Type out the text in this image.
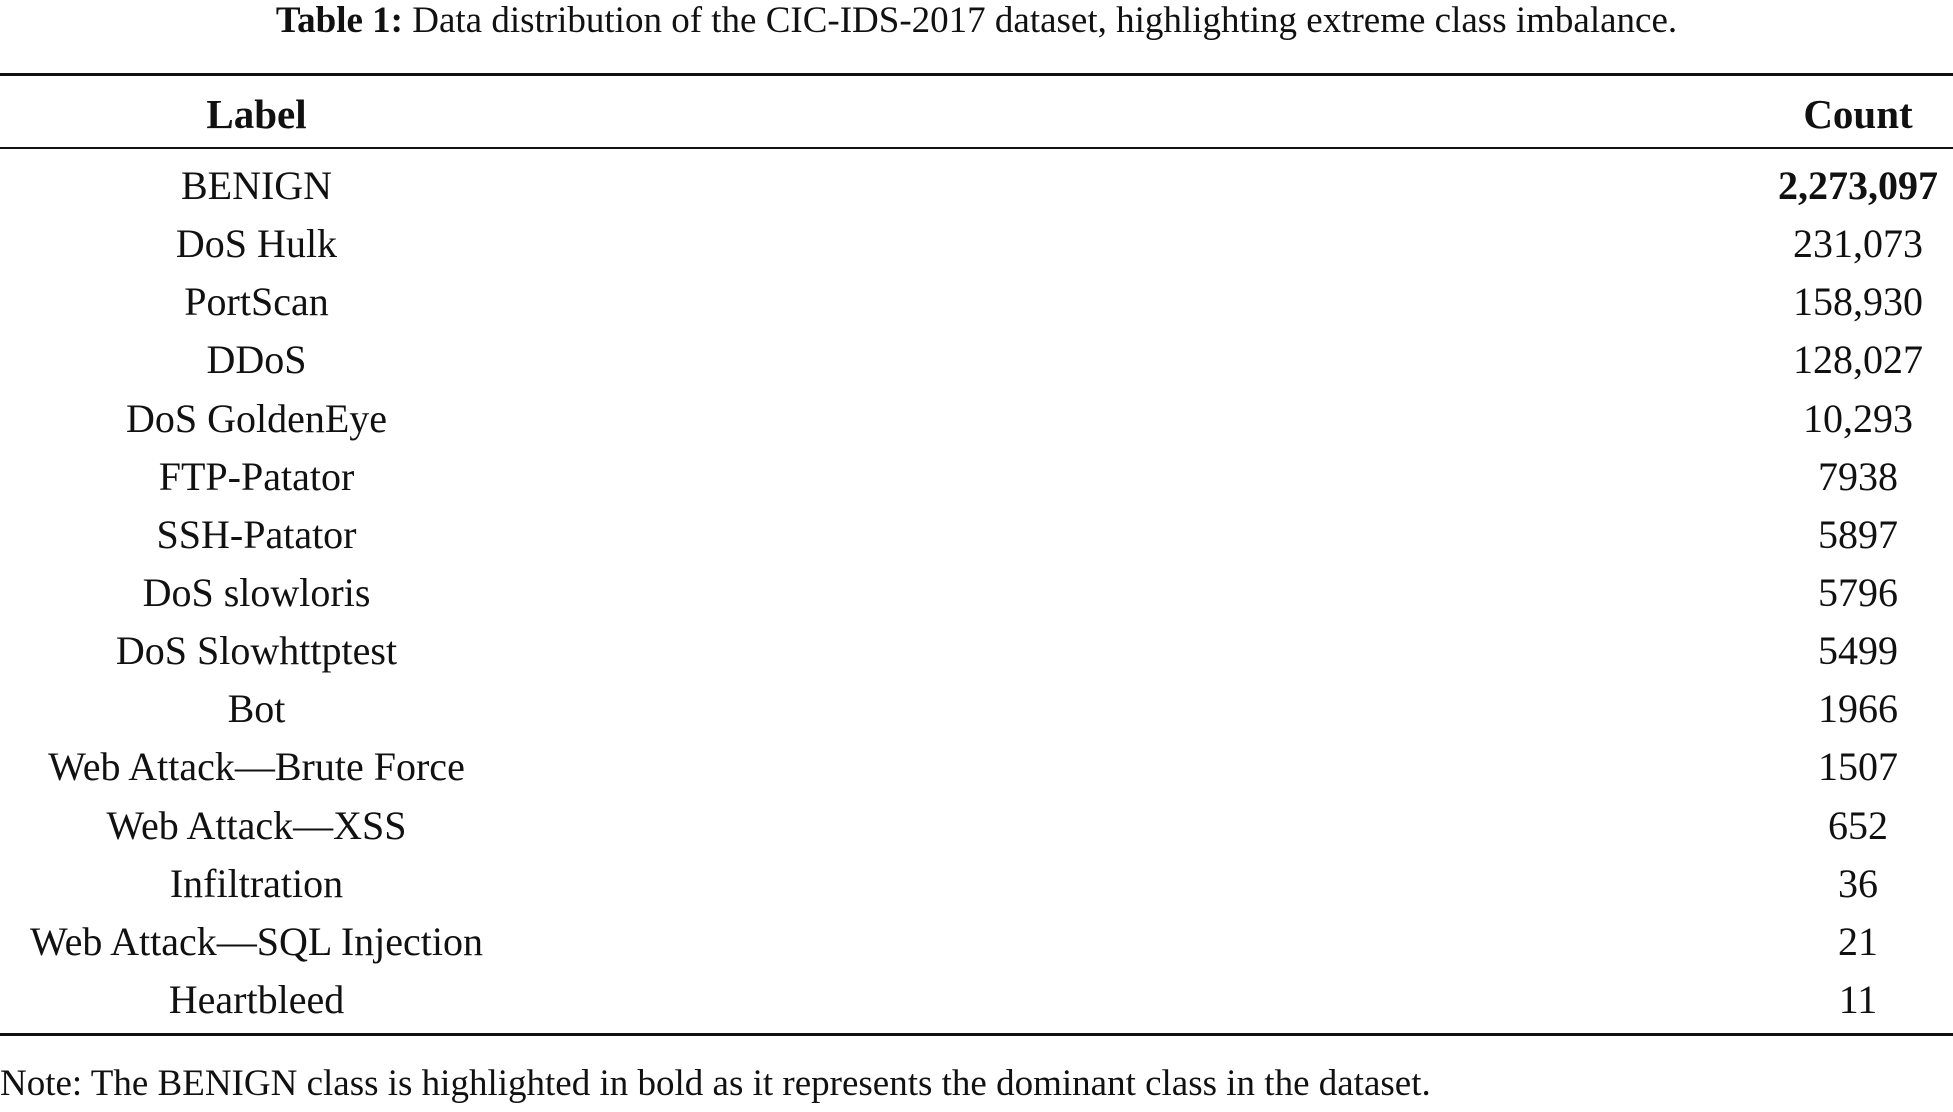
Table 1: Data distribution of the CIC-IDS-2017 dataset, highlighting extreme class imbalance.
Label	Count
BENIGN	2,273,097
DoS Hulk	231,073
PortScan	158,930
DDoS	128,027
DoS GoldenEye	10,293
FTP-Patator	7938
SSH-Patator	5897
DoS slowloris	5796
DoS Slowhttptest	5499
Bot	1966
Web Attack—Brute Force	1507
Web Attack—XSS	652
Infiltration	36
Web Attack—SQL Injection	21
Heartbleed	11
Note: The BENIGN class is highlighted in bold as it represents the dominant class in the dataset.
